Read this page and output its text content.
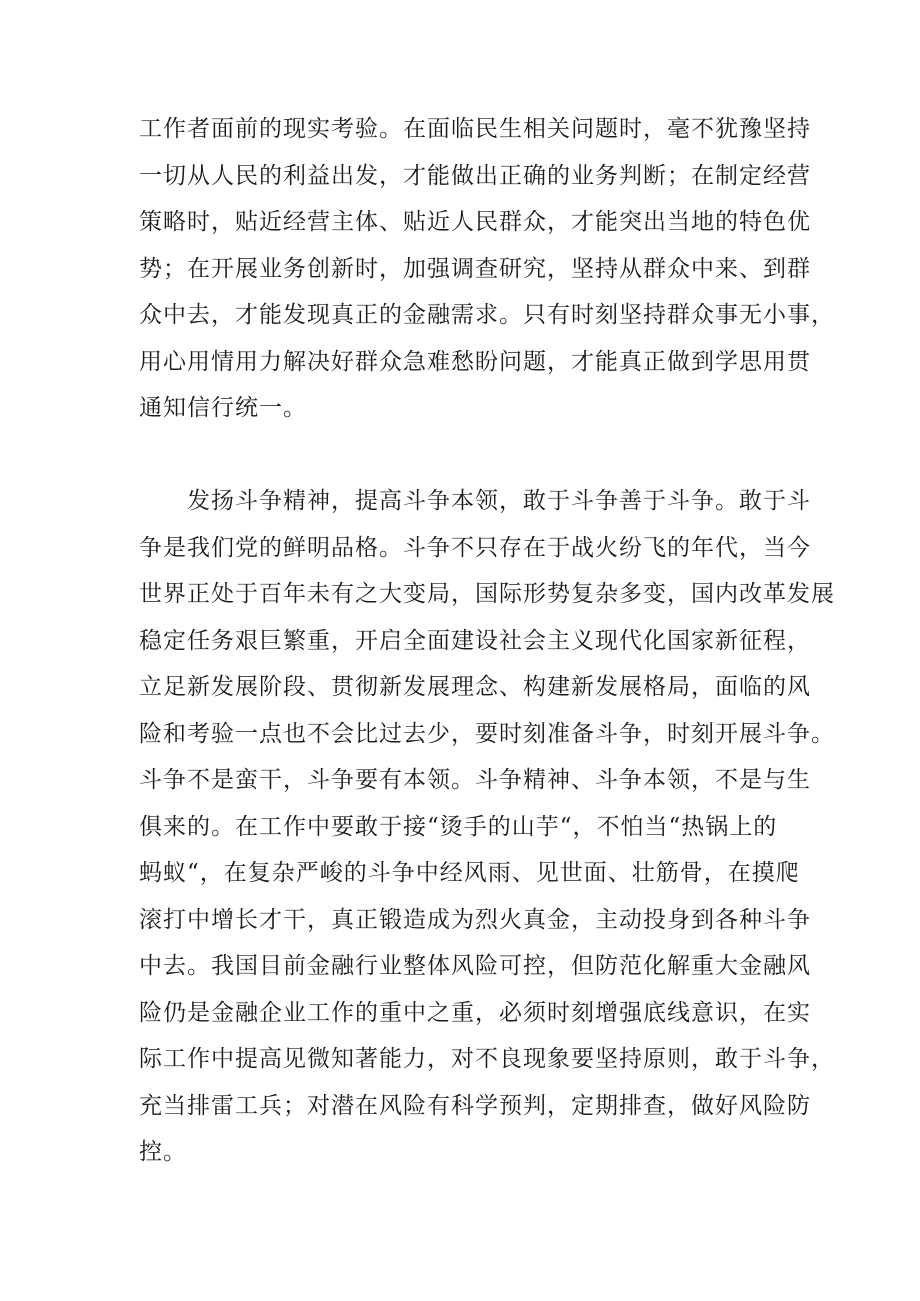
工作者面前的现实考验。在面临民生相关问题时，毫不犹豫坚持
一切从人民的利益出发，才能做出正确的业务判断；在制定经营
策略时，贴近经营主体、贴近人民群众，才能突出当地的特色优
势；在开展业务创新时，加强调查研究，坚持从群众中来、到群
众中去，才能发现真正的金融需求。只有时刻坚持群众事无小事，
用心用情用力解决好群众急难愁盼问题，才能真正做到学思用贯
通知信行统一。
　　发扬斗争精神，提高斗争本领，敢于斗争善于斗争。敢于斗
争是我们党的鲜明品格。斗争不只存在于战火纷飞的年代，当今
世界正处于百年未有之大变局，国际形势复杂多变，国内改革发展
稳定任务艰巨繁重，开启全面建设社会主义现代化国家新征程，
立足新发展阶段、贯彻新发展理念、构建新发展格局，面临的风
险和考验一点也不会比过去少，要时刻准备斗争，时刻开展斗争。
斗争不是蛮干，斗争要有本领。斗争精神、斗争本领，不是与生
俱来的。在工作中要敢于接“烫手的山芋“，不怕当“热锅上的
蚂蚁“，在复杂严峻的斗争中经风雨、见世面、壮筋骨，在摸爬
滚打中增长才干，真正锻造成为烈火真金，主动投身到各种斗争
中去。我国目前金融行业整体风险可控，但防范化解重大金融风
险仍是金融企业工作的重中之重，必须时刻增强底线意识，在实
际工作中提高见微知著能力，对不良现象要坚持原则，敢于斗争，
充当排雷工兵；对潜在风险有科学预判，定期排查，做好风险防
控。
